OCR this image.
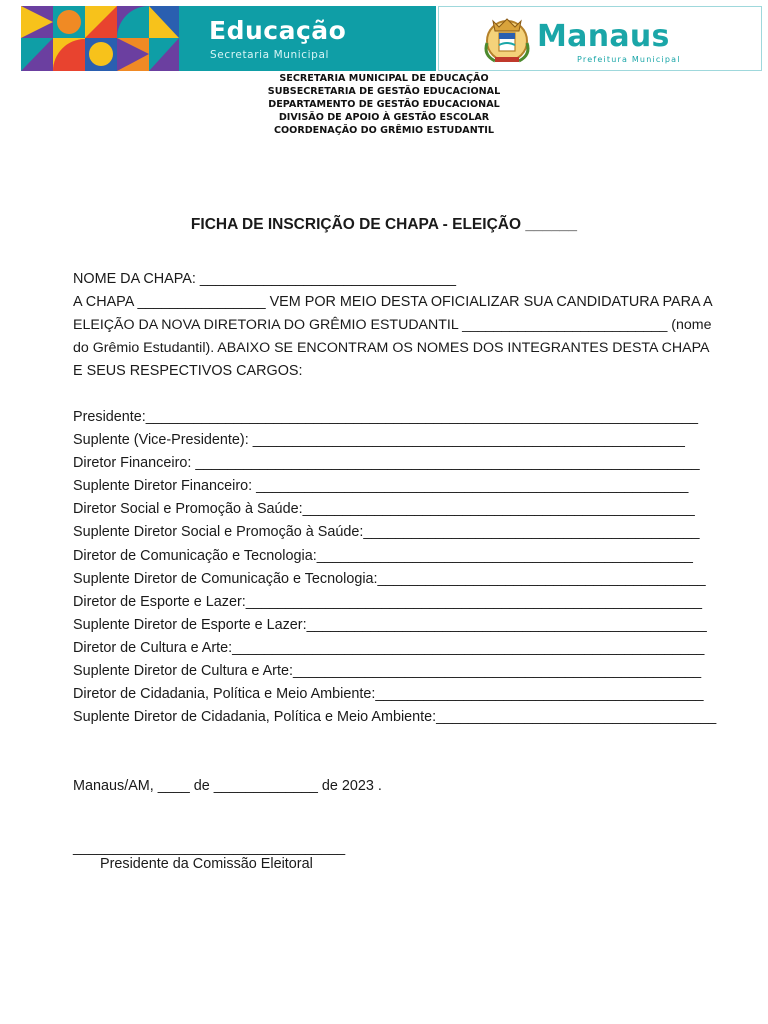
Educação
Secretaria Municipal
Manaus
Prefeitura Municipal
SECRETARIA MUNICIPAL DE EDUCAÇÃO
SUBSECRETARIA DE GESTÃO EDUCACIONAL
DEPARTAMENTO DE GESTÃO EDUCACIONAL
DIVISÃO DE APOIO À GESTÃO ESCOLAR
COORDENAÇÃO DO GRÊMIO ESTUDANTIL
FICHA DE INSCRIÇÃO DE CHAPA - ELEIÇÃO ______
NOME DA CHAPA: ________________________________
A CHAPA ________________ VEM POR MEIO DESTA OFICIALIZAR SUA CANDIDATURA PARA A
ELEIÇÃO DA NOVA DIRETORIA DO GRÊMIO ESTUDANTIL __________________________ (nome
do Grêmio Estudantil). ABAIXO SE ENCONTRAM OS NOMES DOS INTEGRANTES DESTA CHAPA
E SEUS RESPECTIVOS CARGOS:
Presidente:_____________________________________________________________________
Suplente (Vice-Presidente): ______________________________________________________
Diretor Financeiro: _______________________________________________________________
Suplente Diretor Financeiro: ______________________________________________________
Diretor Social e Promoção à Saúde:_________________________________________________
Suplente Diretor Social e Promoção à Saúde:__________________________________________
Diretor de Comunicação e Tecnologia:_______________________________________________
Suplente Diretor de Comunicação e Tecnologia:_________________________________________
Diretor de Esporte e Lazer:_________________________________________________________
Suplente Diretor de Esporte e Lazer:__________________________________________________
Diretor de Cultura e Arte:___________________________________________________________
Suplente Diretor de Cultura e Arte:___________________________________________________
Diretor de Cidadania, Política e Meio Ambiente:_________________________________________
Suplente Diretor de Cidadania, Política e Meio Ambiente:___________________________________
Manaus/AM, ____ de _____________ de 2023 .
__________________________________
Presidente da Comissão Eleitoral
